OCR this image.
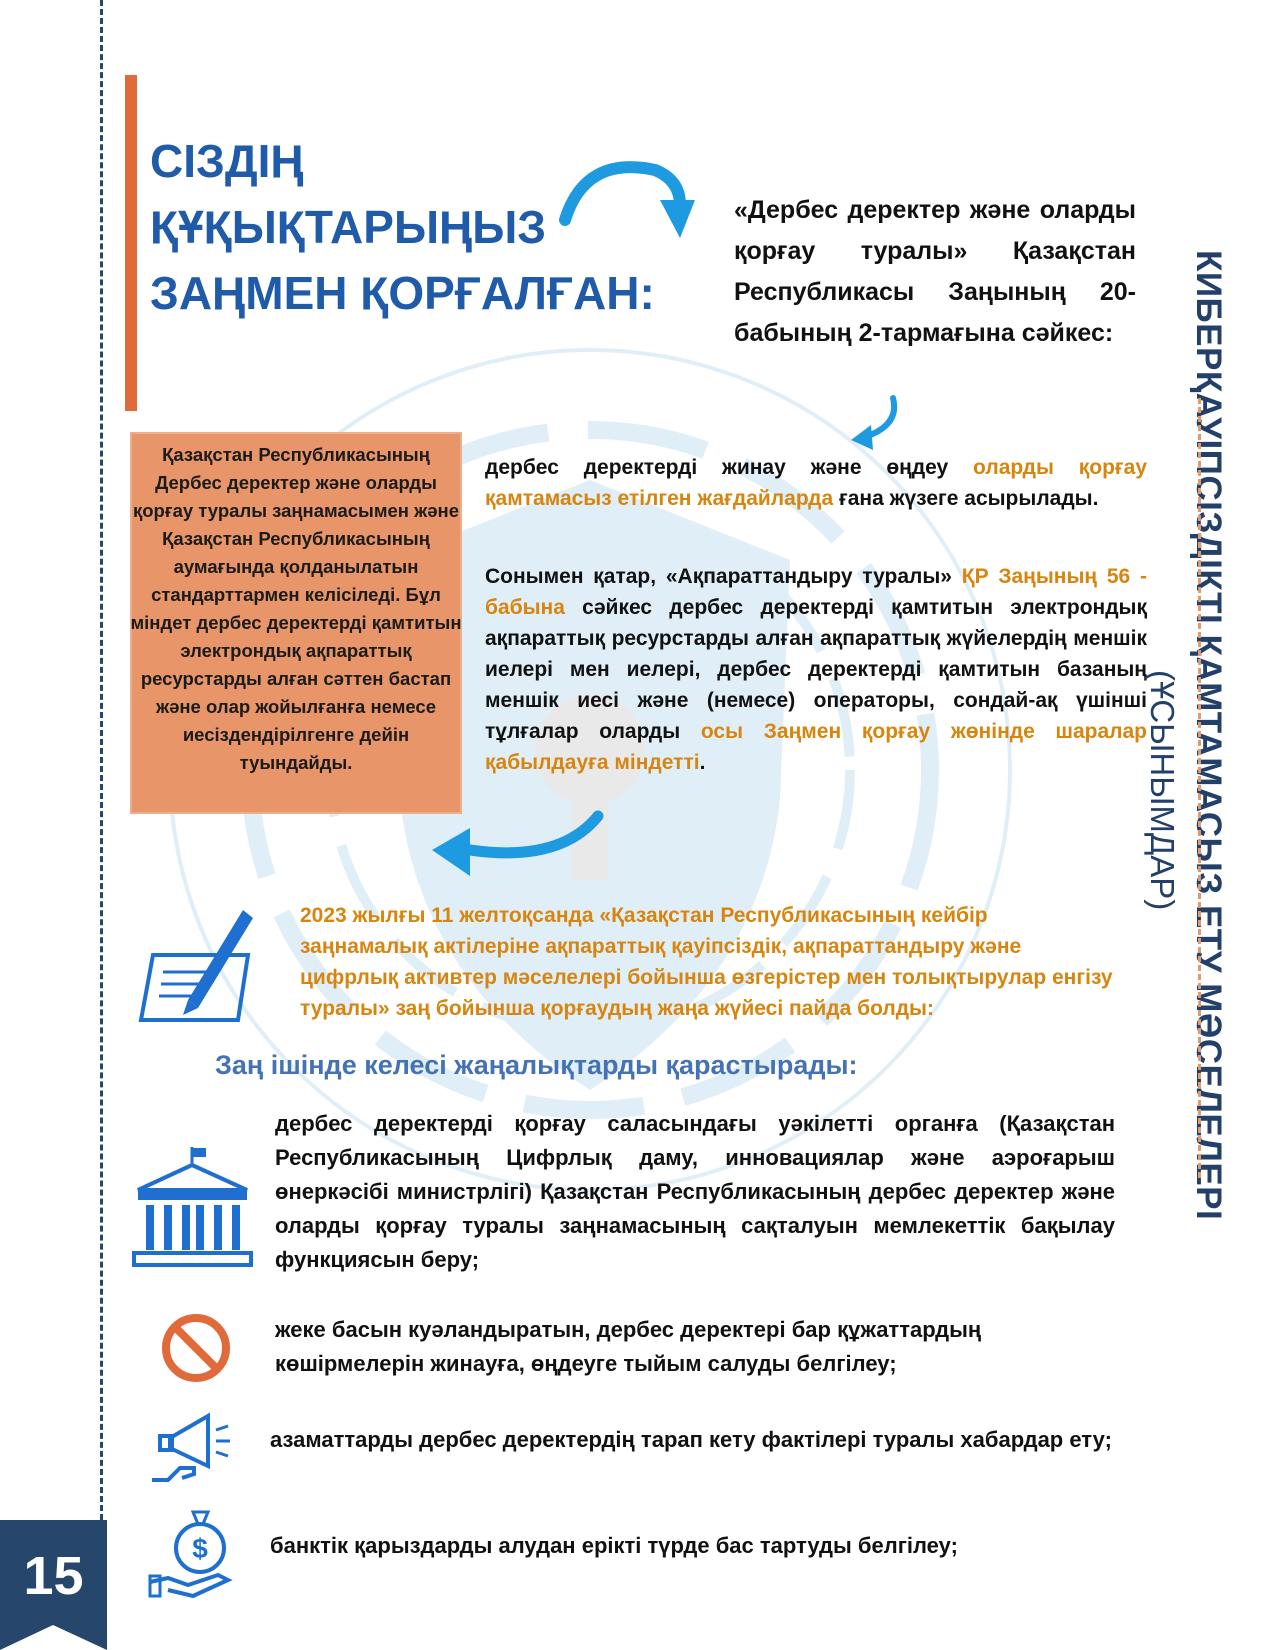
15
СІЗДІҢ
ҚҰҚЫҚТАРЫҢЫЗ
ЗАҢМЕН ҚОРҒАЛҒАН:
«Дербес деректер және оларды қорғау туралы» Қазақстан Республикасы Заңының 20-бабының 2-тармағына сәйкес:
Қазақстан Республикасының Дербес деректер және оларды қорғау туралы заңнамасымен және Қазақстан Республикасының аумағында қолданылатын стандарттармен келісіледі. Бұл міндет дербес деректерді қамтитын электрондық ақпараттық ресурстарды алған сәттен бастап және олар жойылғанға немесе иесіздендірілгенге дейін туындайды.
дербес деректерді жинау және өңдеу оларды қорғау қамтамасыз етілген жағдайларда ғана жүзеге асырылады.
Сонымен қатар, «Ақпараттандыру туралы» ҚР Заңының 56 - бабына сәйкес дербес деректерді қамтитын электрондық ақпараттық ресурстарды алған ақпараттық жүйелердің меншік иелері мен иелері, дербес деректерді қамтитын базаның меншік иесі және (немесе) операторы, сондай-ақ үшінші тұлғалар оларды осы Заңмен қорғау жөнінде шаралар қабылдауға міндетті.
2023 жылғы 11 желтоқсанда «Қазақстан Республикасының кейбір заңнамалық актілеріне ақпараттық қауіпсіздік, ақпараттандыру және цифрлық активтер мәселелері бойынша өзгерістер мен толықтырулар енгізу туралы» заң бойынша қорғаудың жаңа жүйесі пайда болды:
Заң ішінде келесі жаңалықтарды қарастырады:
дербес деректерді қорғау саласындағы уәкілетті органға (Қазақстан Республикасының Цифрлық даму, инновациялар және аэроғарыш өнеркәсібі министрлігі) Қазақстан Республикасының дербес деректер және оларды қорғау туралы заңнамасының сақталуын мемлекеттік бақылау функциясын беру;
жеке басын куәландыратын, дербес деректері бар құжаттардың көшірмелерін жинауға, өңдеуге тыйым салуды белгілеу;
азаматтарды дербес деректердің тарап кету фактілері туралы хабардар ету;
$	банктік қарыздарды алудан ерікті түрде бас тартуды белгілеу;
КИБЕРҚАУІПСІЗДІКТІ ҚАМТАМАСЫЗ ЕТУ МӘСЕЛЕЛЕРІ
(ҰСЫНЫМДАР)
